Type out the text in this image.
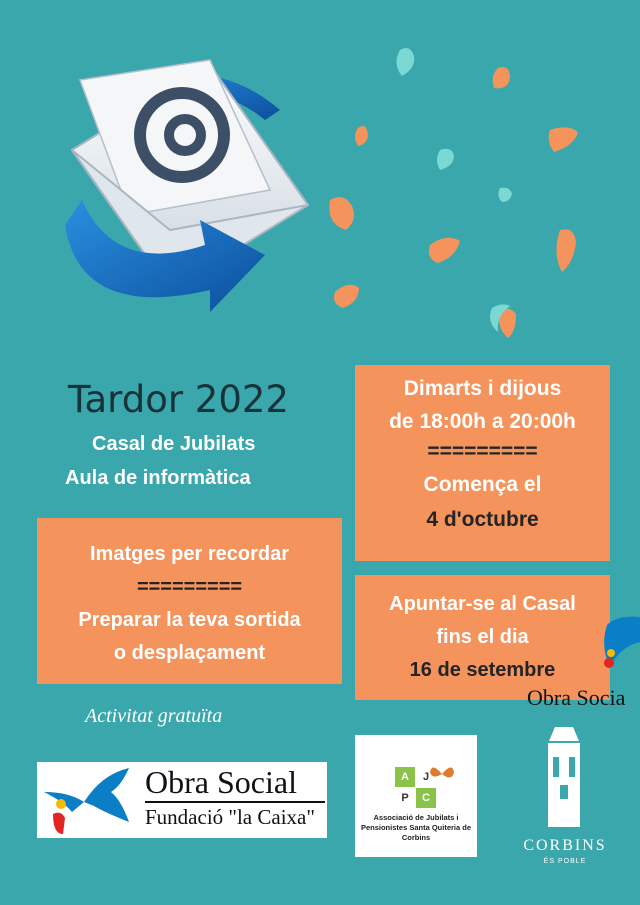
Tardor 2022
Casal de Jubilats
Aula de informàtica
Dimarts i dijous
de 18:00h a 20:00h
=========
Comença el
4 d'octubre
Imatges per recordar
=========
Preparar la teva sortida
o desplaçament
Apuntar-se al Casal
fins el dia
16 de setembre
Obra Socia
Activitat gratuïta
Obra Social
Fundació "la Caixa"
A	J
P	C
Associació de Jubilats i Pensionistes Santa Quiteria de Corbins	CORBINS
ÉS POBLE
